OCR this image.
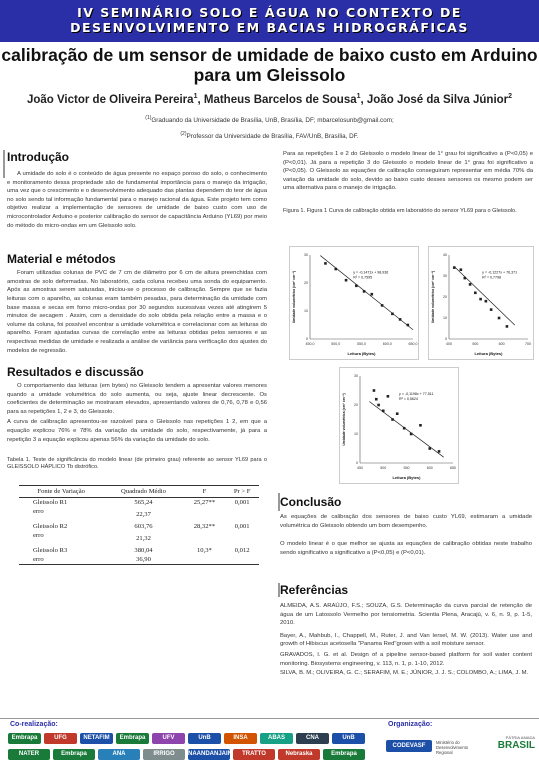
IV SEMINÁRIO SOLO E ÁGUA NO CONTEXTO DE
DESENVOLVIMENTO EM BACIAS HIDROGRÁFICAS
calibração de um sensor de umidade de baixo custo em Arduino para um Gleissolo
João Victor de Oliveira Pereira$^1$, Matheus Barcelos de Sousa$^1$, João José da Silva Júnior$^2$
$^{(1)}$Graduando da Universidade de Brasília, UnB, Brasília, DF; mbarcelosunb@gmail.com;
$^{(2)}$Professor da Universidade de Brasília, FAV/UnB, Brasília, DF.
Introdução

A umidade do solo é o conteúdo de água presente no espaço poroso do solo, o conhecimento e monitoramento dessa propriedade são de fundamental importância para o manejo da irrigação, uma vez que o crescimento e o desenvolvimento adequado das plantas dependem do teor de água no solo sendo tal informação fundamental para o manejo racional da água. Este projeto tem como objetivo realizar a implementação de sensores de umidade de baixo custo com uso de microcontrolador Arduino e posterior calibração do sensor de capacitância Arduino (YL69) por meio do método do micro-ondas em um Gleissolo solo.

Material e métodos

Foram utilizadas colunas de PVC de 7 cm de diâmetro por 6 cm de altura preenchidas com amostras de solo deformadas. No laboratório, cada coluna recebeu uma sonda do equipamento. Após as amostras serem saturadas, iniciou-se o processo de calibração. Sempre que se fazia leituras com o aparelho, as colunas eram também pesadas, para determinação da umidade com base massa e secas em forno micro-ondas por 30 segundos sucessivas vezes até atingirem 5 minutos de secagem . Assim, com a densidade do solo obtida pela relação entre a massa e o volume da coluna, foi possível encontrar a umidade volumétrica e correlacionar com as leituras do aparelho. Foram ajustadas curvas de correlação entre as leituras obtidas pelos sensores e as respectivas medidas de umidade e realizada a análise de variância para verificação dos ajustes do modelos de regressão.

Resultados e discussão

O comportamento das leituras (em bytes) no Gleissolo tendem a apresentar valores menores quando a umidade volumétrica do solo aumenta, ou seja, ajuste linear decrescente. Os coeficientes de determinação se mostraram elevados, apresentando valores de 0,76, 0,78 e 0,56 para as repetições 1, 2 e 3, do Gleissolo.

A curva de calibração apresentou-se razoável para o Gleissolo nas repetições 1 2, em que a equação explicou 76% e 78% da variação da umidade do solo, respectivamente, já para a repetição 3 a equação explicou apenas 56% da variação da umidade do solo.

Tabela 1. Teste de significância do modelo linear (de primeiro grau) referente ao sensor YL69 para o GLEISSOLO HÁPLICO Tb distrófico.

Fonte de Variação	Quadrado Médio	F	Pr > F
Gleissolo R1	565,24	25,27**	0,001
erro	22,37		
Gleissolo R2	603,76	28,32**	0,001
erro	21,32		
Gleissolo R3	380,04	10,3*	0,012
erro	36,90		

Para as repetições 1 e 2 do Gleissolo o modelo linear de 1° grau foi significativo a (P<0,05) e (P<0,01). Já para a repetição 3 do Gleissolo o modelo linear de 1° grau foi significativo a (P<0,05). O Gleissolo as equações de calibração conseguiram representar em média 70% da variação da umidade do solo, devido ao baixo custo desses sensores os mesmo podem ser uma alternativa para o manejo de irrigação.

Figura 1. Figura 1 Curva de calibração obtida em laboratório do sensor YL69 para o Gleissolo.

450,0	500,0	550,0	600,0	650,0
0
10
20
30
y = -0,1471x + 98,936
R² = 0,7595
Leitura (Bytes)
Umidade volumétrica (cm³ cm⁻³)
400	500	600	700
0
10
20
30
40
y = -0,1227x + 76,371
R² = 0,7798
Leitura (Bytes)
Umidade volumétrica (cm³ cm⁻³)
450	500	550	600	650
0
10
20
30
y = -0,1198x + 77,511
R² = 0,5624
Leitura (Bytes)
Umidade volumétrica (cm³ cm⁻³)
Conclusão

As equações de calibração dos sensores de baixo custo YL69, estimaram a umidade volumétrica do Gleissolo obtendo um bom desempenho.

O modelo linear é o que melhor se ajusta as equações de calibração obtidas neste trabalho sendo significativo a significativo a (P<0,05) e (P<0,01).

Referências

ALMEIDA, A.S. ARAÚJO, F.S.; SOUZA, G.S. Determinação da curva parcial de retenção de água de um Latossolo Vermelho por tensiometria. Scientia Plena, Aracajú, v. 6, n. 9, p. 1-5, 2010.

Bayer, A., Mahbub, I., Chappell, M., Ruter, J. and Van Iersel, M. W. (2013). Water use and growth of Hibiscus acetosella "Panama Red"grown with a soil moisture sensor.

GRAVADOS, I. G. et al. Design of a pipeline sensor-based platform for soil water content monitoring. Biosystems engineering, v. 113, n. 1, p. 1-10, 2012.

SILVA, B. M.; OLIVEIRA, G. C.; SERAFIM, M. E.; JÚNIOR, J. J. S.; COLOMBO, A.; LIMA, J. M.

Co-realização:	Organização:
Embrapa	UFG	NETAFIM	Embrapa	UFV	UnB	INSA	ABAS	CNA	UnB
NATER	Embrapa	ANA	IRRIGO	NAANDANJAIN	TRATTO	Nebraska	Embrapa
CODEVASF
Ministério do Desenvolvimento Regional
PÁTRIA AMADA
BRASIL
